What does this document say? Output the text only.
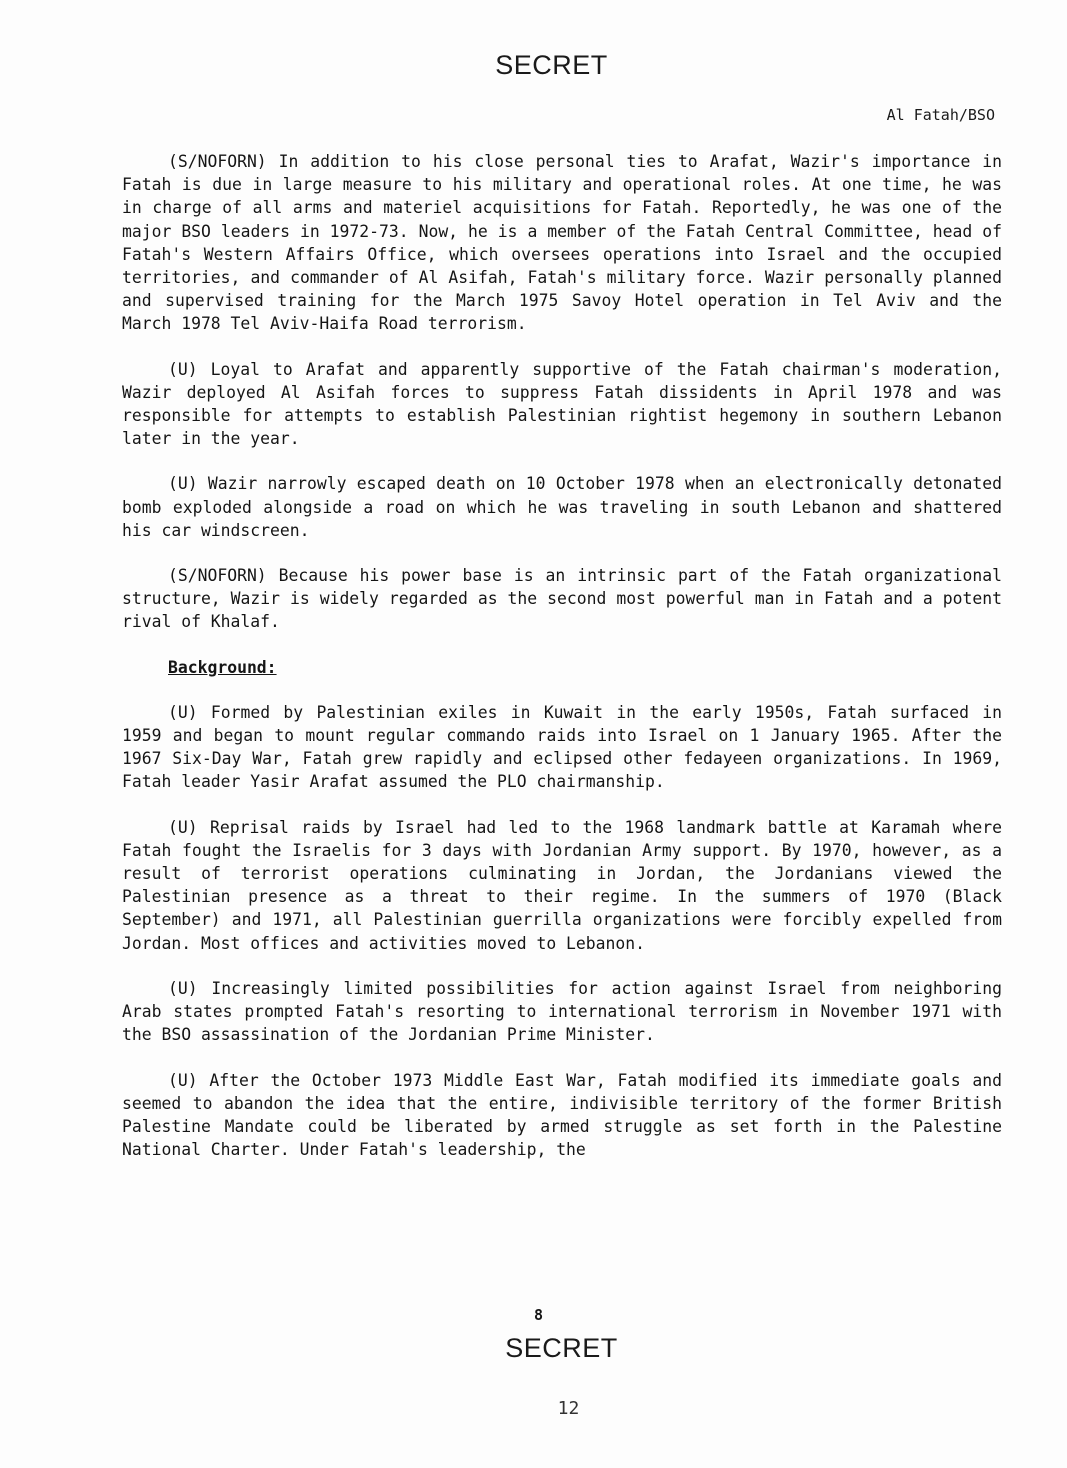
SECRET
Al Fatah/BSO

(S/NOFORN) In addition to his close personal ties to Arafat, Wazir's importance in Fatah is due in large measure to his military and operational roles. At one time, he was in charge of all arms and materiel acquisitions for Fatah. Reportedly, he was one of the major BSO leaders in 1972-73. Now, he is a member of the Fatah Central Committee, head of Fatah's Western Affairs Office, which oversees operations into Israel and the occupied territories, and commander of Al Asifah, Fatah's military force. Wazir personally planned and supervised training for the March 1975 Savoy Hotel operation in Tel Aviv and the March 1978 Tel Aviv-Haifa Road terrorism.

(U) Loyal to Arafat and apparently supportive of the Fatah chairman's moderation, Wazir deployed Al Asifah forces to suppress Fatah dissidents in April 1978 and was responsible for attempts to establish Palestinian rightist hegemony in southern Lebanon later in the year.

(U) Wazir narrowly escaped death on 10 October 1978 when an electronically detonated bomb exploded alongside a road on which he was traveling in south Lebanon and shattered his car windscreen.

(S/NOFORN) Because his power base is an intrinsic part of the Fatah organizational structure, Wazir is widely regarded as the second most powerful man in Fatah and a potent rival of Khalaf.

Background:

(U) Formed by Palestinian exiles in Kuwait in the early 1950s, Fatah surfaced in 1959 and began to mount regular commando raids into Israel on 1 January 1965. After the 1967 Six-Day War, Fatah grew rapidly and eclipsed other fedayeen organizations. In 1969, Fatah leader Yasir Arafat assumed the PLO chairmanship.

(U) Reprisal raids by Israel had led to the 1968 landmark battle at Karamah where Fatah fought the Israelis for 3 days with Jordanian Army support. By 1970, however, as a result of terrorist operations culminating in Jordan, the Jordanians viewed the Palestinian presence as a threat to their regime. In the summers of 1970 (Black September) and 1971, all Palestinian guerrilla organizations were forcibly expelled from Jordan. Most offices and activities moved to Lebanon.

(U) Increasingly limited possibilities for action against Israel from neighboring Arab states prompted Fatah's resorting to international terrorism in November 1971 with the BSO assassination of the Jordanian Prime Minister.

(U) After the October 1973 Middle East War, Fatah modified its immediate goals and seemed to abandon the idea that the entire, indivisible territory of the former British Palestine Mandate could be liberated by armed struggle as set forth in the Palestine National Charter. Under Fatah's leadership, the

8
SECRET
12
